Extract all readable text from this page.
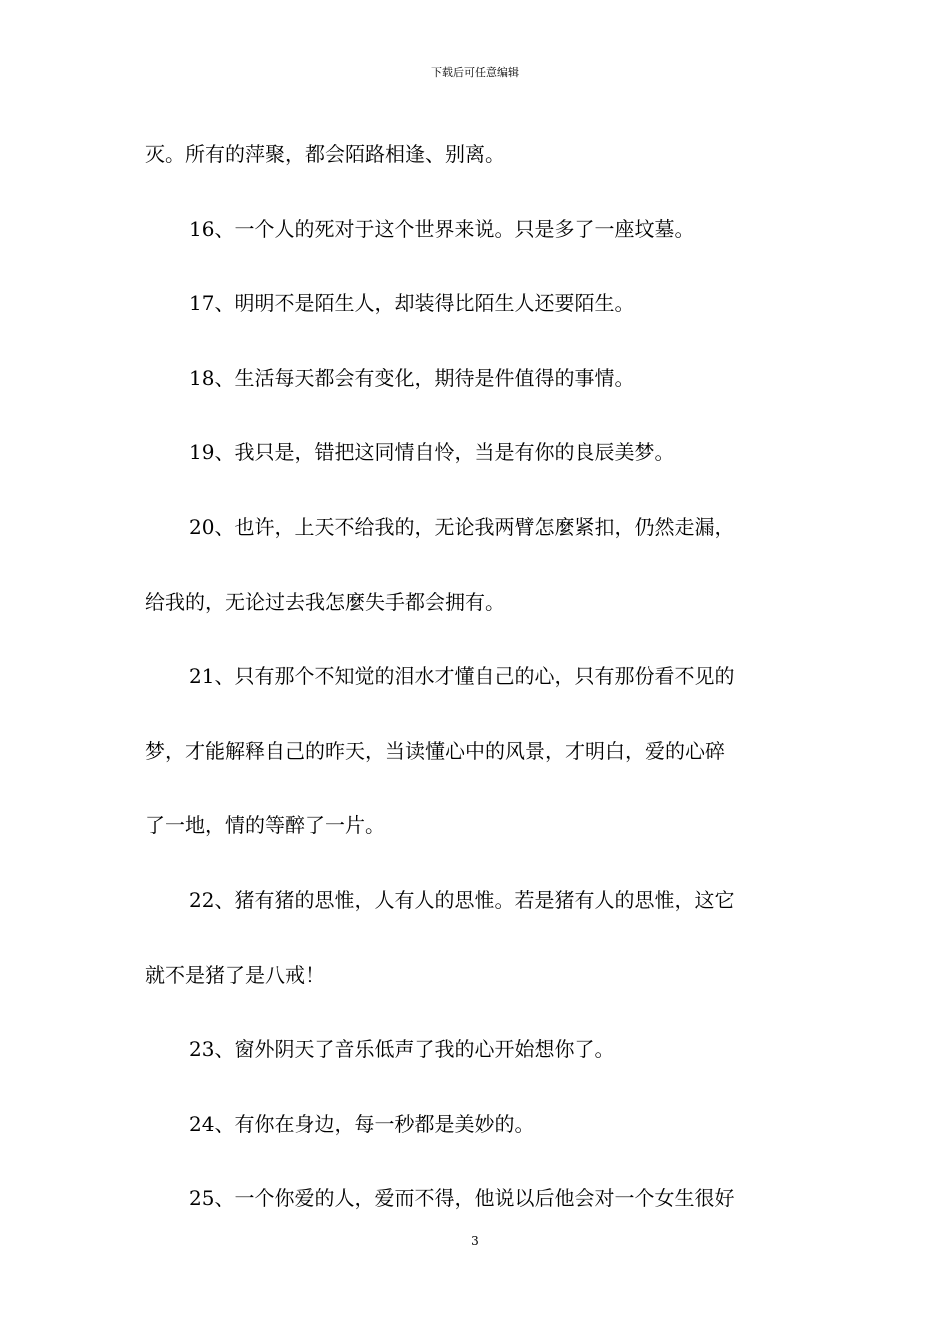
下载后可任意编辑
灭。所有的萍聚，都会陌路相逢、别离。
16、一个人的死对于这个世界来说。只是多了一座坟墓。
17、明明不是陌生人，却装得比陌生人还要陌生。
18、生活每天都会有变化，期待是件值得的事情。
19、我只是，错把这同情自怜，当是有你的良辰美梦。
20、也许，上天不给我的，无论我两臂怎麼紧扣，仍然走漏，
给我的，无论过去我怎麼失手都会拥有。
21、只有那个不知觉的泪水才懂自己的心，只有那份看不见的
梦，才能解释自己的昨天，当读懂心中的风景，才明白，爱的心碎
了一地，情的等醉了一片。
22、猪有猪的思惟，人有人的思惟。若是猪有人的思惟，这它
就不是猪了是八戒！
23、窗外阴天了音乐低声了我的心开始想你了。
24、有你在身边，每一秒都是美妙的。
25、一个你爱的人，爱而不得，他说以后他会对一个女生很好
3
